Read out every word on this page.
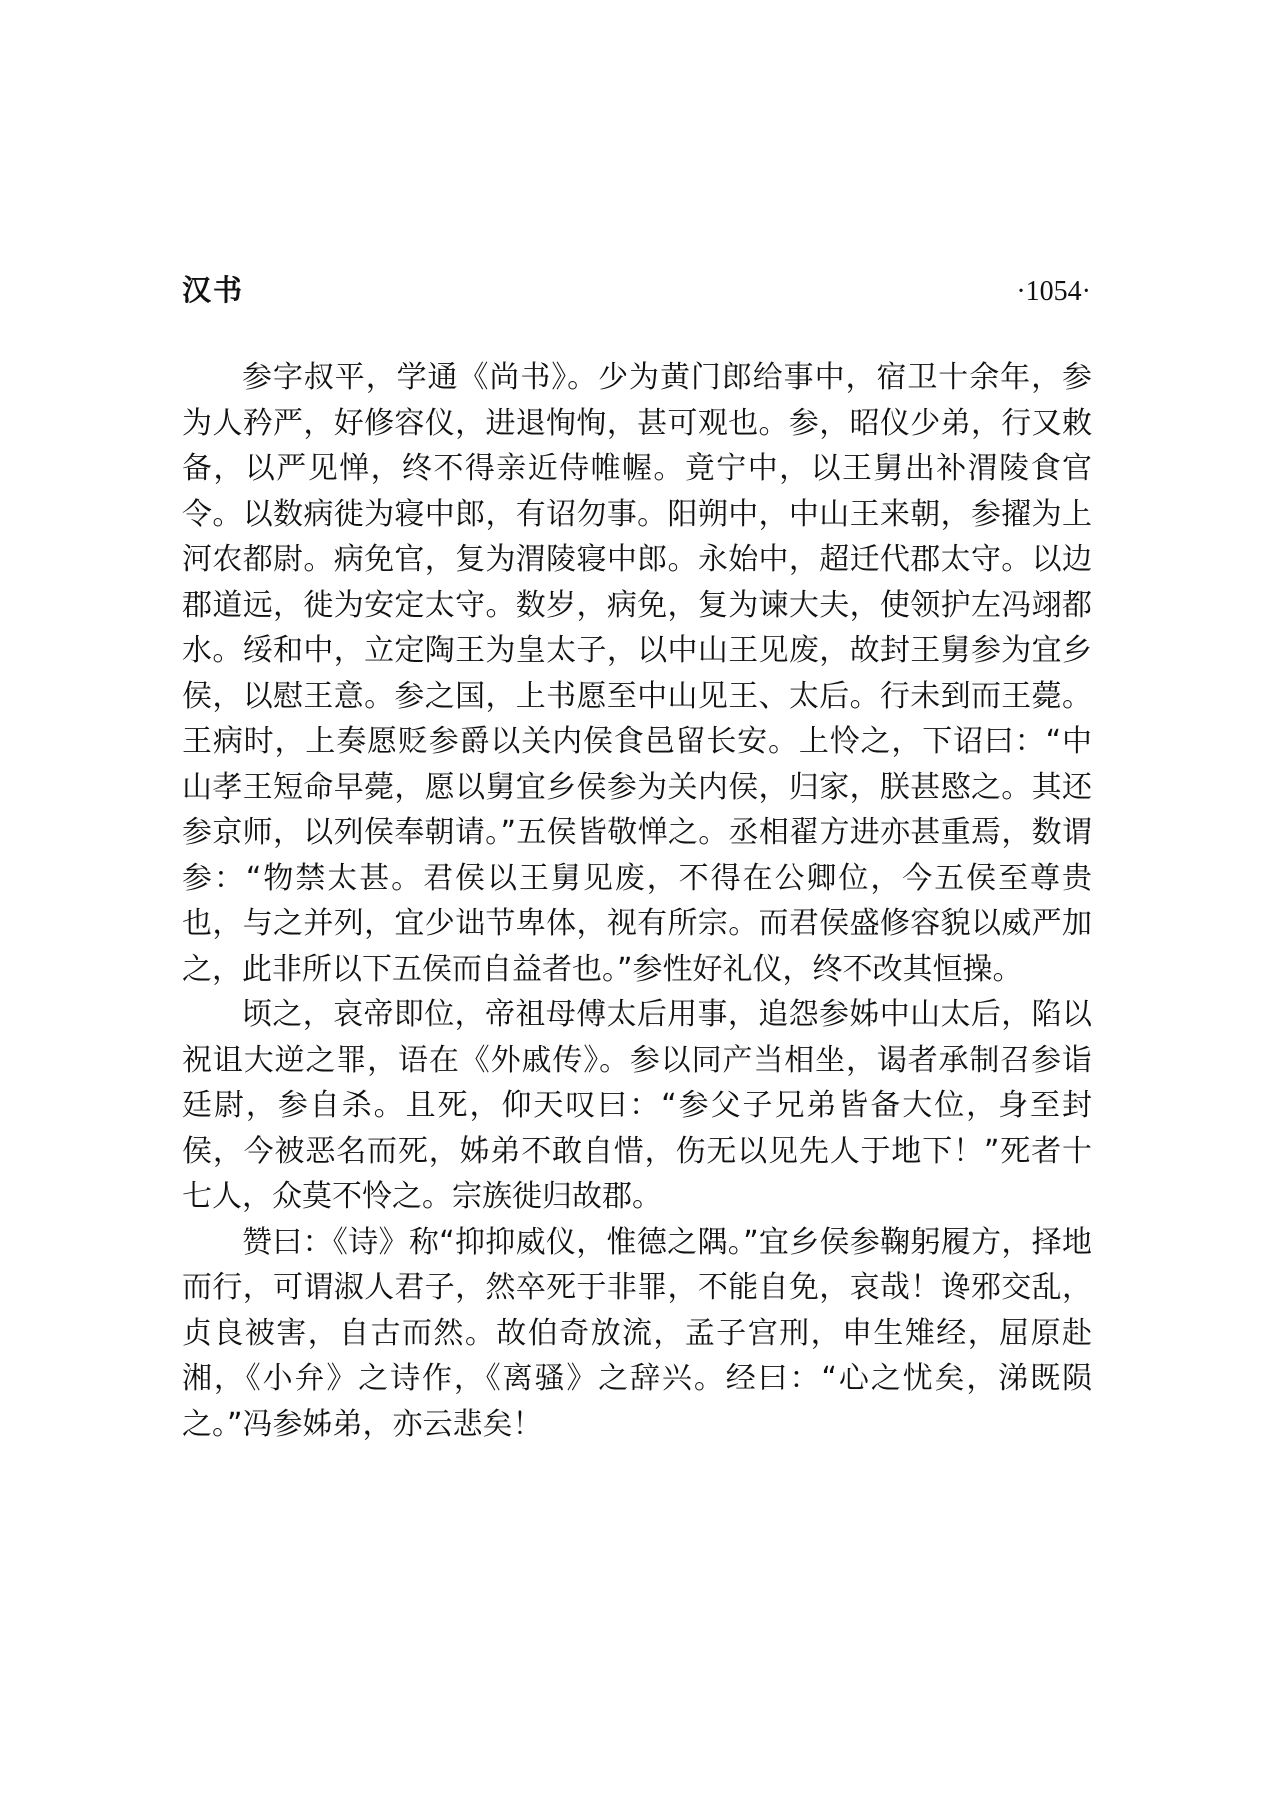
汉书	·1054·

参字叔平，学通《尚书》。少为黄门郎给事中，宿卫十余年，参为人矜严，好修容仪，进退恂恂，甚可观也。参，昭仪少弟，行又敕备，以严见惮，终不得亲近侍帷幄。竟宁中，以王舅出补渭陵食官令。以数病徙为寝中郎，有诏勿事。阳朔中，中山王来朝，参擢为上河农都尉。病免官，复为渭陵寝中郎。永始中，超迁代郡太守。以边郡道远，徙为安定太守。数岁，病免，复为谏大夫，使领护左冯翊都水。绥和中，立定陶王为皇太子，以中山王见废，故封王舅参为宜乡侯，以慰王意。参之国，上书愿至中山见王、太后。行未到而王薨。王病时，上奏愿贬参爵以关内侯食邑留长安。上怜之，下诏曰：“中山孝王短命早薨，愿以舅宜乡侯参为关内侯，归家，朕甚愍之。其还参京师，以列侯奉朝请。”五侯皆敬惮之。丞相翟方进亦甚重焉，数谓参：“物禁太甚。君侯以王舅见废，不得在公卿位，今五侯至尊贵也，与之并列，宜少诎节卑体，视有所宗。而君侯盛修容貌以威严加之，此非所以下五侯而自益者也。”参性好礼仪，终不改其恒操。

顷之，哀帝即位，帝祖母傅太后用事，追怨参姊中山太后，陷以祝诅大逆之罪，语在《外戚传》。参以同产当相坐，谒者承制召参诣廷尉，参自杀。且死，仰天叹曰：“参父子兄弟皆备大位，身至封侯，今被恶名而死，姊弟不敢自惜，伤无以见先人于地下！”死者十七人，众莫不怜之。宗族徙归故郡。

赞曰：《诗》称“抑抑威仪，惟德之隅。”宜乡侯参鞠躬履方，择地而行，可谓淑人君子，然卒死于非罪，不能自免，哀哉！谗邪交乱，贞良被害，自古而然。故伯奇放流，孟子宫刑，申生雉经，屈原赴湘，《小弁》之诗作，《离骚》之辞兴。经曰：“心之忧矣，涕既陨之。”冯参姊弟，亦云悲矣！
